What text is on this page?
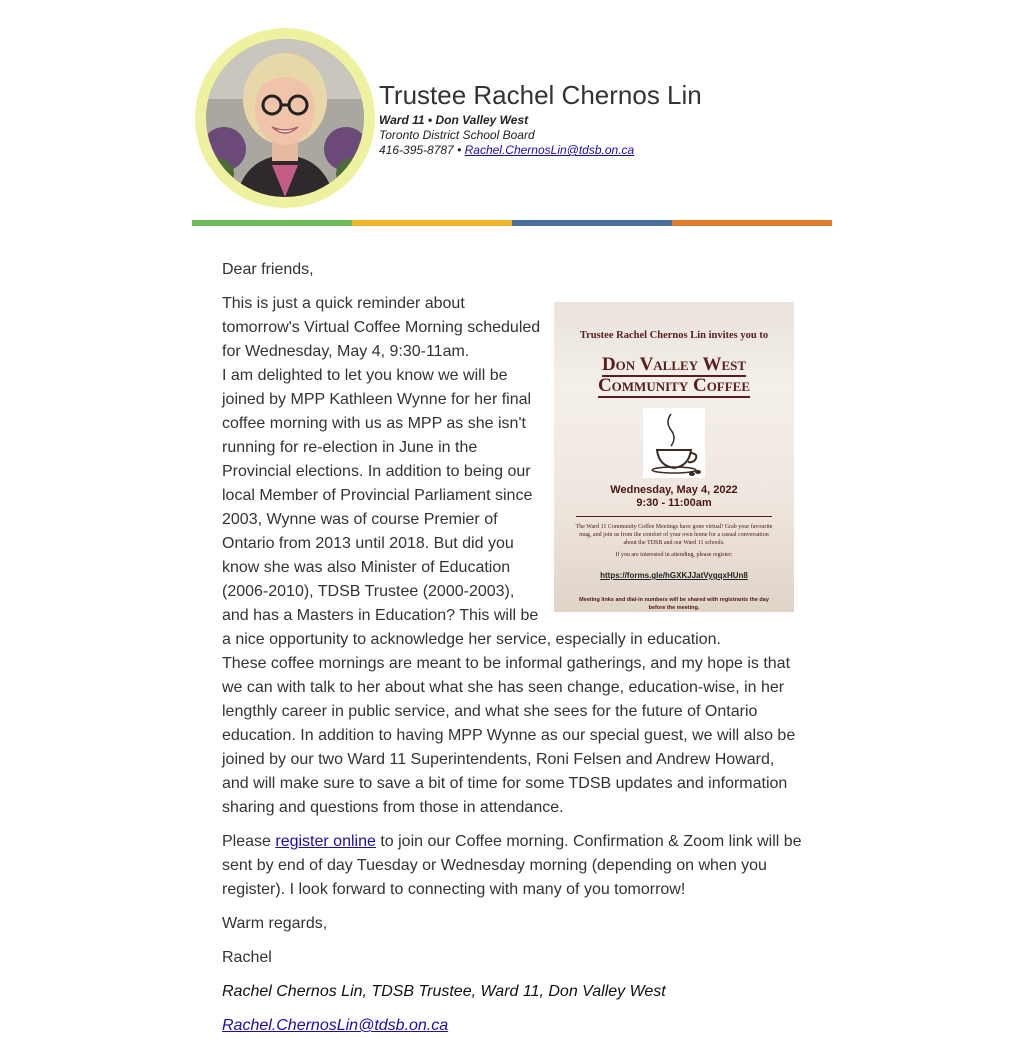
Trustee Rachel Chernos Lin
Ward 11 • Don Valley West
Toronto District School Board
416-395-8787 • Rachel.ChernosLin@tdsb.on.ca

Dear friends,

Trustee Rachel Chernos Lin invites you to
Don Valley West
Community Coffee
Wednesday, May 4, 2022
9:30 - 11:00am
The Ward 11 Community Coffee Meetings have gone virtual! Grab your favourite mug, and join us from the comfort of your own home for a casual conversation about the TDSB and our Ward 11 schools.
If you are interested in attending, please register:
https://forms.gle/hGXKJJatVygqxHUn8
Meeting links and dial-in numbers will be shared with registrants the day before the meeting.

This is just a quick reminder about tomorrow's Virtual Coffee Morning scheduled for Wednesday, May 4, 9:30-11am.

I am delighted to let you know we will be joined by MPP Kathleen Wynne for her final coffee morning with us as MPP as she isn't running for re-election in June in the Provincial elections. In addition to being our local Member of Provincial Parliament since 2003, Wynne was of course Premier of Ontario from 2013 until 2018. But did you know she was also Minister of Education (2006-2010), TDSB Trustee (2000-2003), and has a Masters in Education? This will be a nice opportunity to acknowledge her service, especially in education.

These coffee mornings are meant to be informal gatherings, and my hope is that we can with talk to her about what she has seen change, education-wise, in her lengthly career in public service, and what she sees for the future of Ontario education. In addition to having MPP Wynne as our special guest, we will also be joined by our two Ward 11 Superintendents, Roni Felsen and Andrew Howard, and will make sure to save a bit of time for some TDSB updates and information sharing and questions from those in attendance.

Please register online to join our Coffee morning. Confirmation & Zoom link will be sent by end of day Tuesday or Wednesday morning (depending on when you register). I look forward to connecting with many of you tomorrow!

Warm regards,

Rachel

Rachel Chernos Lin, TDSB Trustee, Ward 11, Don Valley West

Rachel.ChernosLin@tdsb.on.ca
